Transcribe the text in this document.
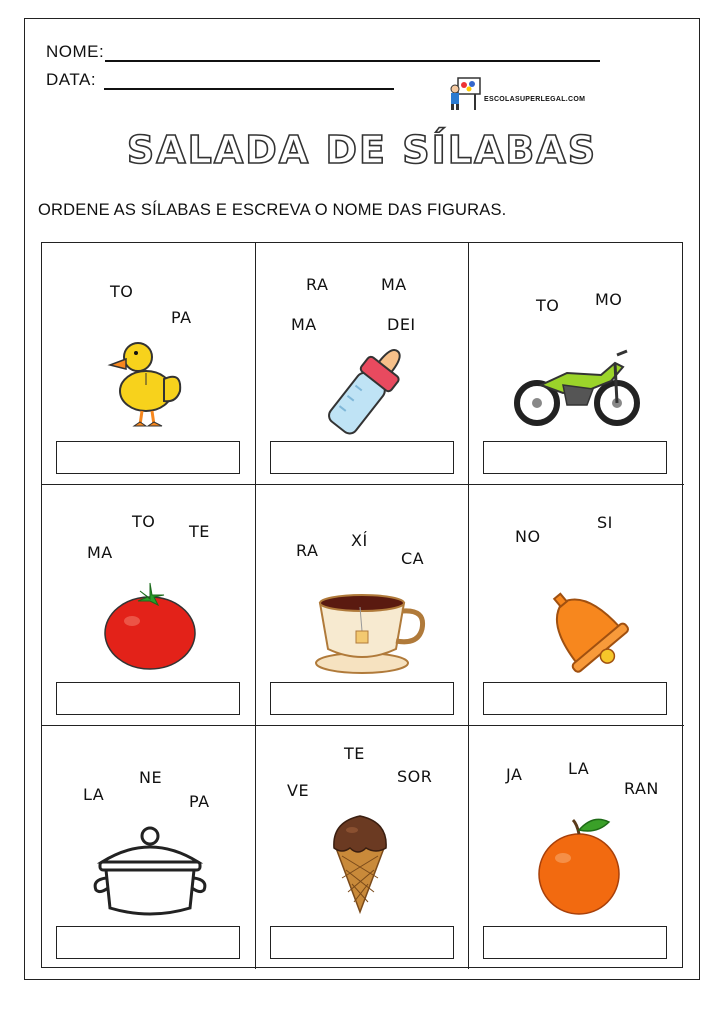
NOME:
DATA:
ESCOLASUPERLEGAL.COM
SALADA DE SÍLABAS
ORDENE AS SÍLABAS E ESCREVA O NOME DAS FIGURAS.
TO
PA
RA	MA
MA	DEI
TO MO
TO
TE
MA
XÍ
RA	CA
SI
NO
NE
LA	PA
TE
SOR
VE
LA
JA
RAN
